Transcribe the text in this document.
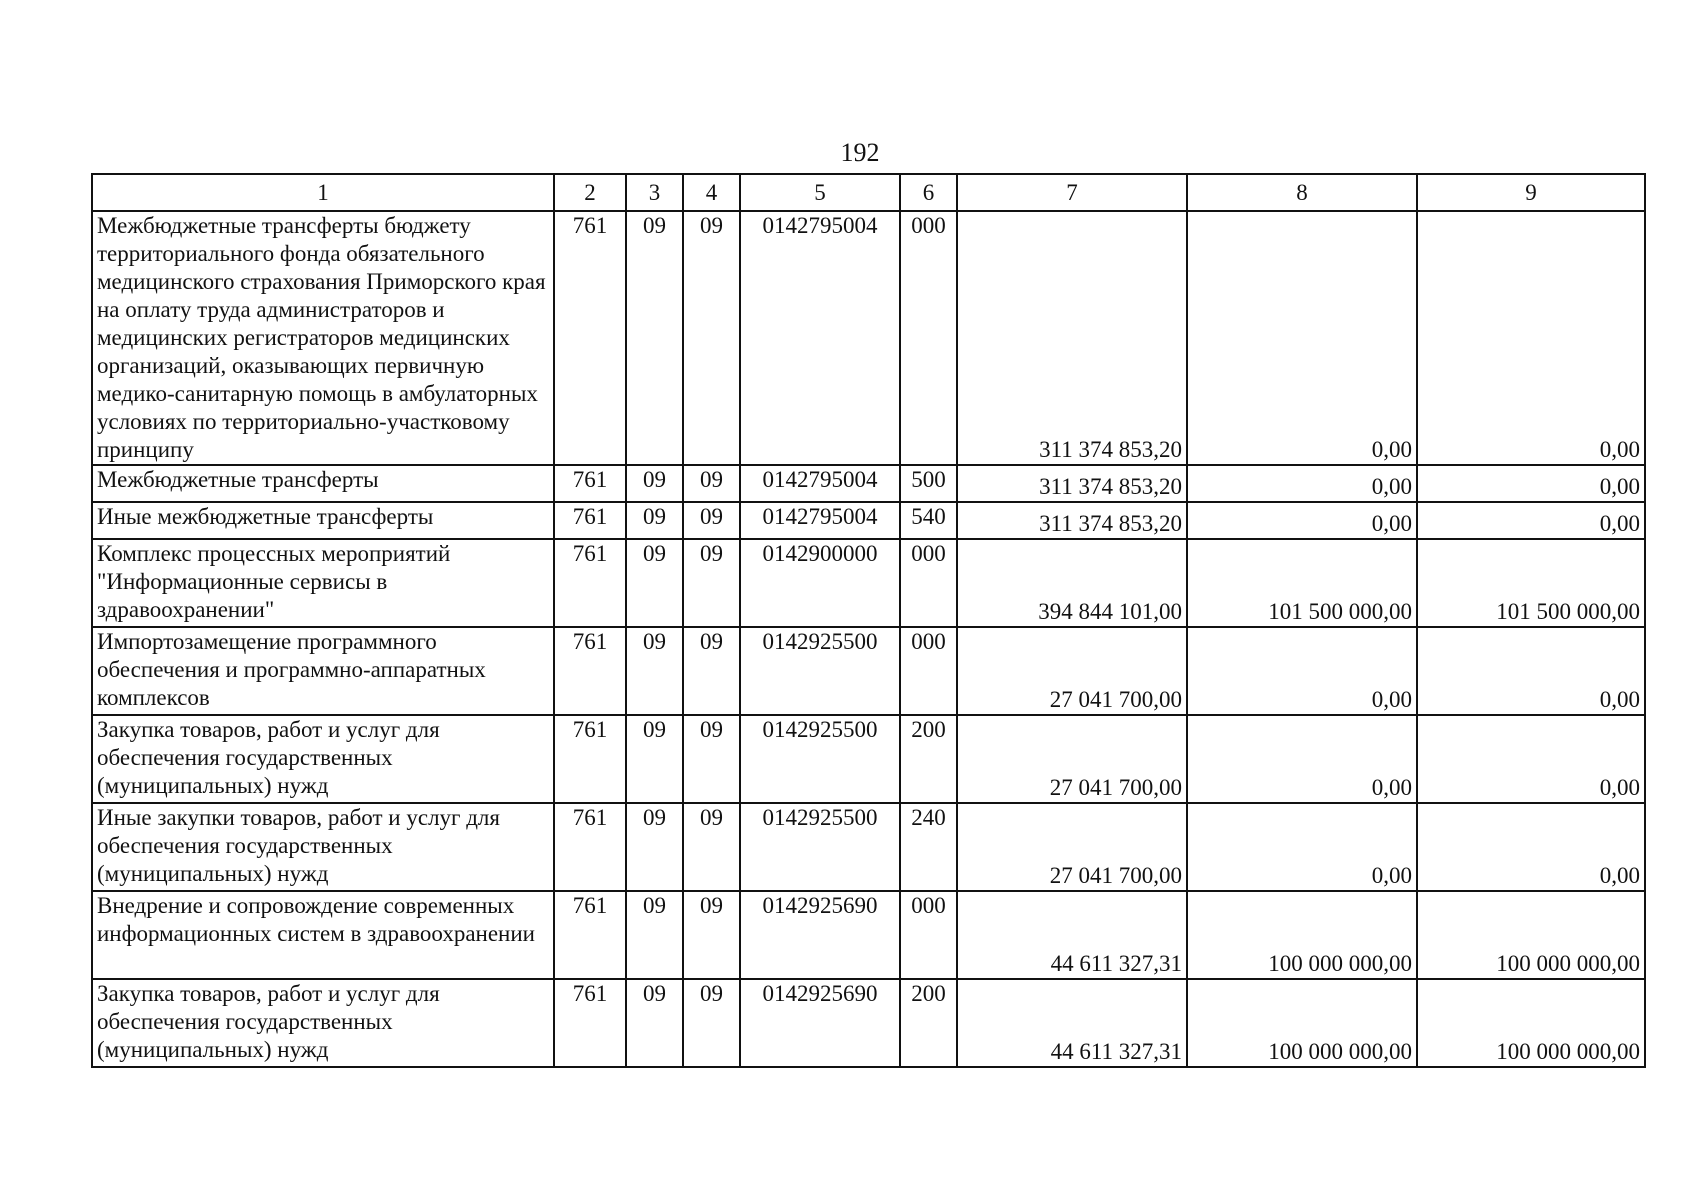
192
1	2	3	4	5	6	7	8	9
Межбюджетные трансферты бюджету территориального фонда обязательного медицинского страхования Приморского края на оплату труда администраторов и медицинских регистраторов медицинских организаций, оказывающих первичную медико-санитарную помощь в амбулаторных условиях по территориально-участковому принципу	761	09	09	0142795004	000	311 374 853,20	0,00	0,00
Межбюджетные трансферты	761	09	09	0142795004	500	311 374 853,20	0,00	0,00
Иные межбюджетные трансферты	761	09	09	0142795004	540	311 374 853,20	0,00	0,00
Комплекс процессных мероприятий "Информационные сервисы в здравоохранении"	761	09	09	0142900000	000	394 844 101,00	101 500 000,00	101 500 000,00
Импортозамещение программного обеспечения и программно-аппаратных комплексов	761	09	09	0142925500	000	27 041 700,00	0,00	0,00
Закупка товаров, работ и услуг для обеспечения государственных (муниципальных) нужд	761	09	09	0142925500	200	27 041 700,00	0,00	0,00
Иные закупки товаров, работ и услуг для обеспечения государственных (муниципальных) нужд	761	09	09	0142925500	240	27 041 700,00	0,00	0,00
Внедрение и сопровождение современных информационных систем в здравоохранении	761	09	09	0142925690	000	44 611 327,31	100 000 000,00	100 000 000,00
Закупка товаров, работ и услуг для обеспечения государственных (муниципальных) нужд	761	09	09	0142925690	200	44 611 327,31	100 000 000,00	100 000 000,00
